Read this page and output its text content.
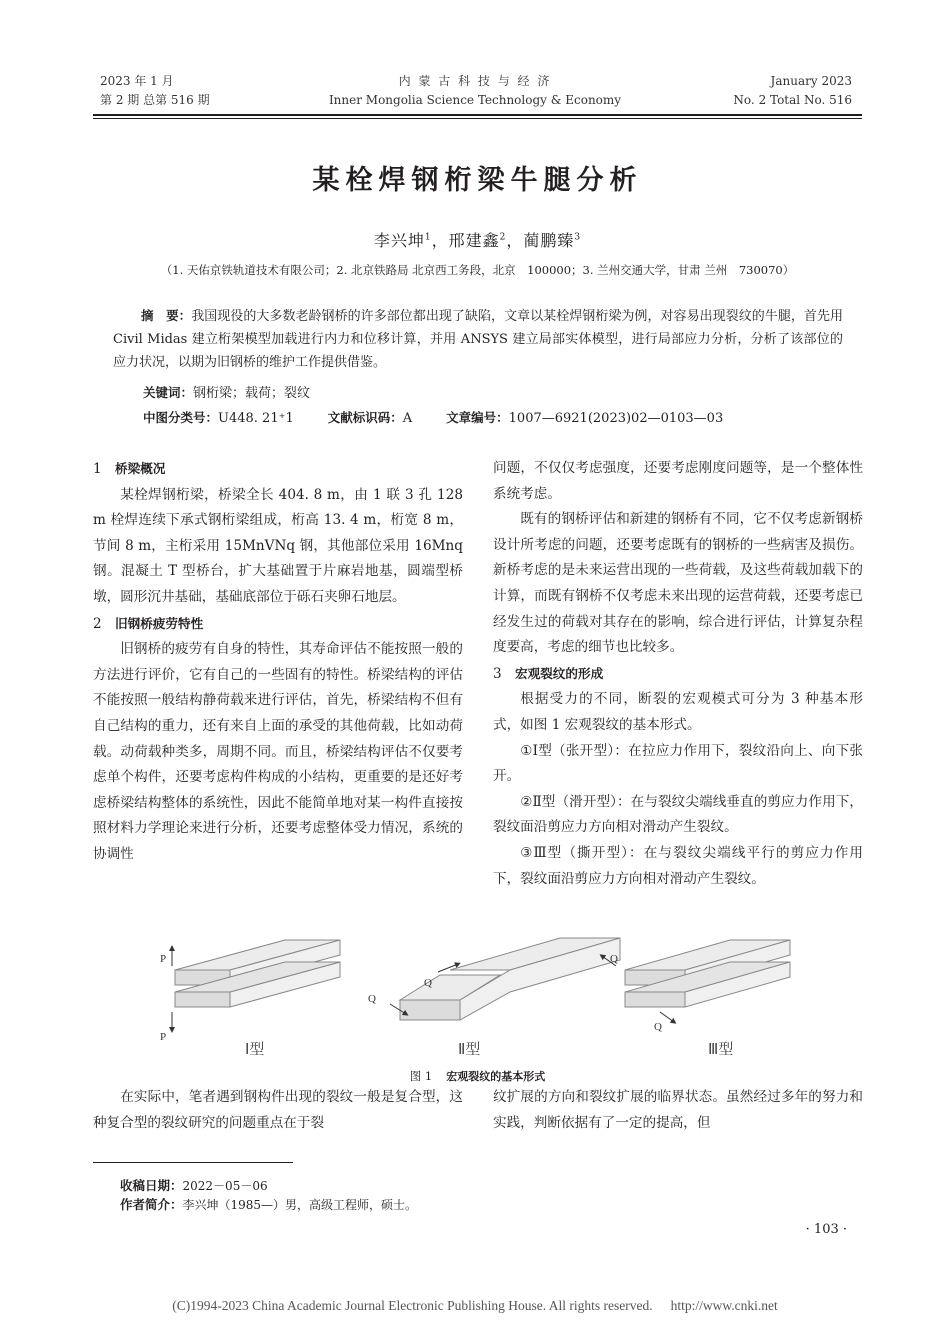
2023 年 1 月
第 2 期 总第 516 期
内 蒙 古 科 技 与 经 济
Inner Mongolia Science Technology & Economy
January 2023
No. 2 Total No. 516
某栓焊钢桁梁牛腿分析
李兴坤$^1$，邢建鑫$^2$，蔺鹏臻$^3$
（1. 天佑京铁轨道技术有限公司；2. 北京铁路局 北京西工务段，北京　100000；3. 兰州交通大学，甘肃 兰州　730070）
摘　要：我国现役的大多数老龄钢桥的许多部位都出现了缺陷，文章以某栓焊钢桁梁为例，对容易出现裂纹的牛腿，首先用 Civil Midas 建立桁架模型加载进行内力和位移计算，并用 ANSYS 建立局部实体模型，进行局部应力分析，分析了该部位的应力状况，以期为旧钢桥的维护工作提供借鉴。
关键词：钢桁梁；载荷；裂纹
中图分类号：U448. 21⁺1	文献标识码：A	文章编号：1007—6921(2023)02—0103—03
1 桥梁概况

某栓焊钢桁梁，桥梁全长 404. 8 m，由 1 联 3 孔 128 m 栓焊连续下承式钢桁梁组成，桁高 13. 4 m，桁宽 8 m，节间 8 m，主桁采用 15MnVNq 钢，其他部位采用 16Mnq 钢。混凝土 T 型桥台，扩大基础置于片麻岩地基，圆端型桥墩，圆形沉井基础，基础底部位于砾石夹卵石地层。

2 旧钢桥疲劳特性

旧钢桥的疲劳有自身的特性，其寿命评估不能按照一般的方法进行评价，它有自己的一些固有的特性。桥梁结构的评估不能按照一般结构静荷载来进行评估，首先，桥梁结构不但有自己结构的重力，还有来自上面的承受的其他荷载，比如动荷载。动荷载种类多，周期不同。而且，桥梁结构评估不仅要考虑单个构件，还要考虑构件构成的小结构，更重要的是还好考虑桥梁结构整体的系统性，因此不能简单地对某一构件直接按照材料力学理论来进行分析，还要考虑整体受力情况，系统的协调性

问题，不仅仅考虑强度，还要考虑刚度问题等，是一个整体性系统考虑。

既有的钢桥评估和新建的钢桥有不同，它不仅考虑新钢桥设计所考虑的问题，还要考虑既有的钢桥的一些病害及损伤。新桥考虑的是未来运营出现的一些荷载，及这些荷载加载下的计算，而既有钢桥不仅考虑未来出现的运营荷载，还要考虑已经发生过的荷载对其存在的影响，综合进行评估，计算复杂程度要高，考虑的细节也比较多。

3 宏观裂纹的形成

根据受力的不同，断裂的宏观模式可分为 3 种基本形式，如图 1 宏观裂纹的基本形式。

①Ⅰ型（张开型）：在拉应力作用下，裂纹沿向上、向下张开。

②Ⅱ型（滑开型）：在与裂纹尖端线垂直的剪应力作用下，裂纹面沿剪应力方向相对滑动产生裂纹。

③Ⅲ型（撕开型）：在与裂纹尖端线平行的剪应力作用下，裂纹面沿剪应力方向相对滑动产生裂纹。

P
P
Ⅰ型
Q
Q
Ⅱ型
Q
Q
Ⅲ型
图 1 宏观裂纹的基本形式

在实际中，笔者遇到钢构件出现的裂纹一般是复合型，这种复合型的裂纹研究的问题重点在于裂

纹扩展的方向和裂纹扩展的临界状态。虽然经过多年的努力和实践，判断依据有了一定的提高，但

收稿日期：2022－05－06
作者简介：李兴坤（1985—）男，高级工程师，硕士。
· 103 ·
(C)1994-2023 China Academic Journal Electronic Publishing House. All rights reserved. http://www.cnki.net
